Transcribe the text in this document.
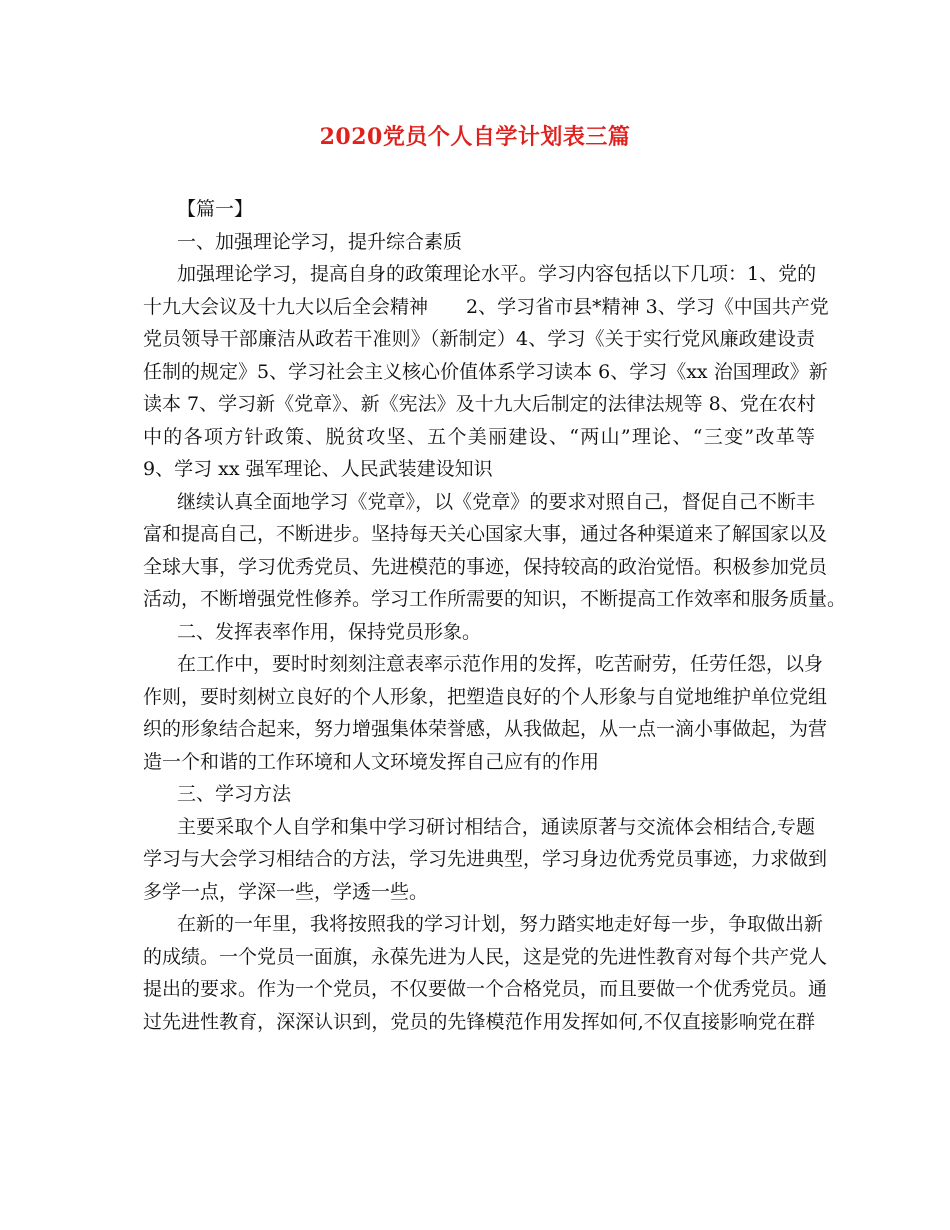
2020党员个人自学计划表三篇
【篇一】
一、加强理论学习，提升综合素质
加强理论学习，提高自身的政策理论水平。学习内容包括以下几项：1、党的
十九大会议及十九大以后全会精神　　2、学习省市县*精神 3、学习《中国共产党
党员领导干部廉洁从政若干准则》（新制定）4、学习《关于实行党风廉政建设责
任制的规定》5、学习社会主义核心价值体系学习读本 6、学习《xx 治国理政》新
读本 7、学习新《党章》、新《宪法》及十九大后制定的法律法规等 8、党在农村
中的各项方针政策、脱贫攻坚、五个美丽建设、“两山”理论、“三变”改革等
9、学习 xx 强军理论、人民武装建设知识
继续认真全面地学习《党章》，以《党章》的要求对照自己，督促自己不断丰
富和提高自己，不断进步。坚持每天关心国家大事，通过各种渠道来了解国家以及
全球大事，学习优秀党员、先进模范的事迹，保持较高的政治觉悟。积极参加党员
活动，不断增强党性修养。学习工作所需要的知识，不断提高工作效率和服务质量。
二、发挥表率作用，保持党员形象。
在工作中，要时时刻刻注意表率示范作用的发挥，吃苦耐劳，任劳任怨，以身
作则，要时刻树立良好的个人形象，把塑造良好的个人形象与自觉地维护单位党组
织的形象结合起来，努力增强集体荣誉感，从我做起，从一点一滴小事做起，为营
造一个和谐的工作环境和人文环境发挥自己应有的作用
三、学习方法
主要采取个人自学和集中学习研讨相结合，通读原著与交流体会相结合,专题
学习与大会学习相结合的方法，学习先进典型，学习身边优秀党员事迹，力求做到
多学一点，学深一些，学透一些。
在新的一年里，我将按照我的学习计划，努力踏实地走好每一步，争取做出新
的成绩。一个党员一面旗，永葆先进为人民，这是党的先进性教育对每个共产党人
提出的要求。作为一个党员，不仅要做一个合格党员，而且要做一个优秀党员。通
过先进性教育，深深认识到，党员的先锋模范作用发挥如何,不仅直接影响党在群
